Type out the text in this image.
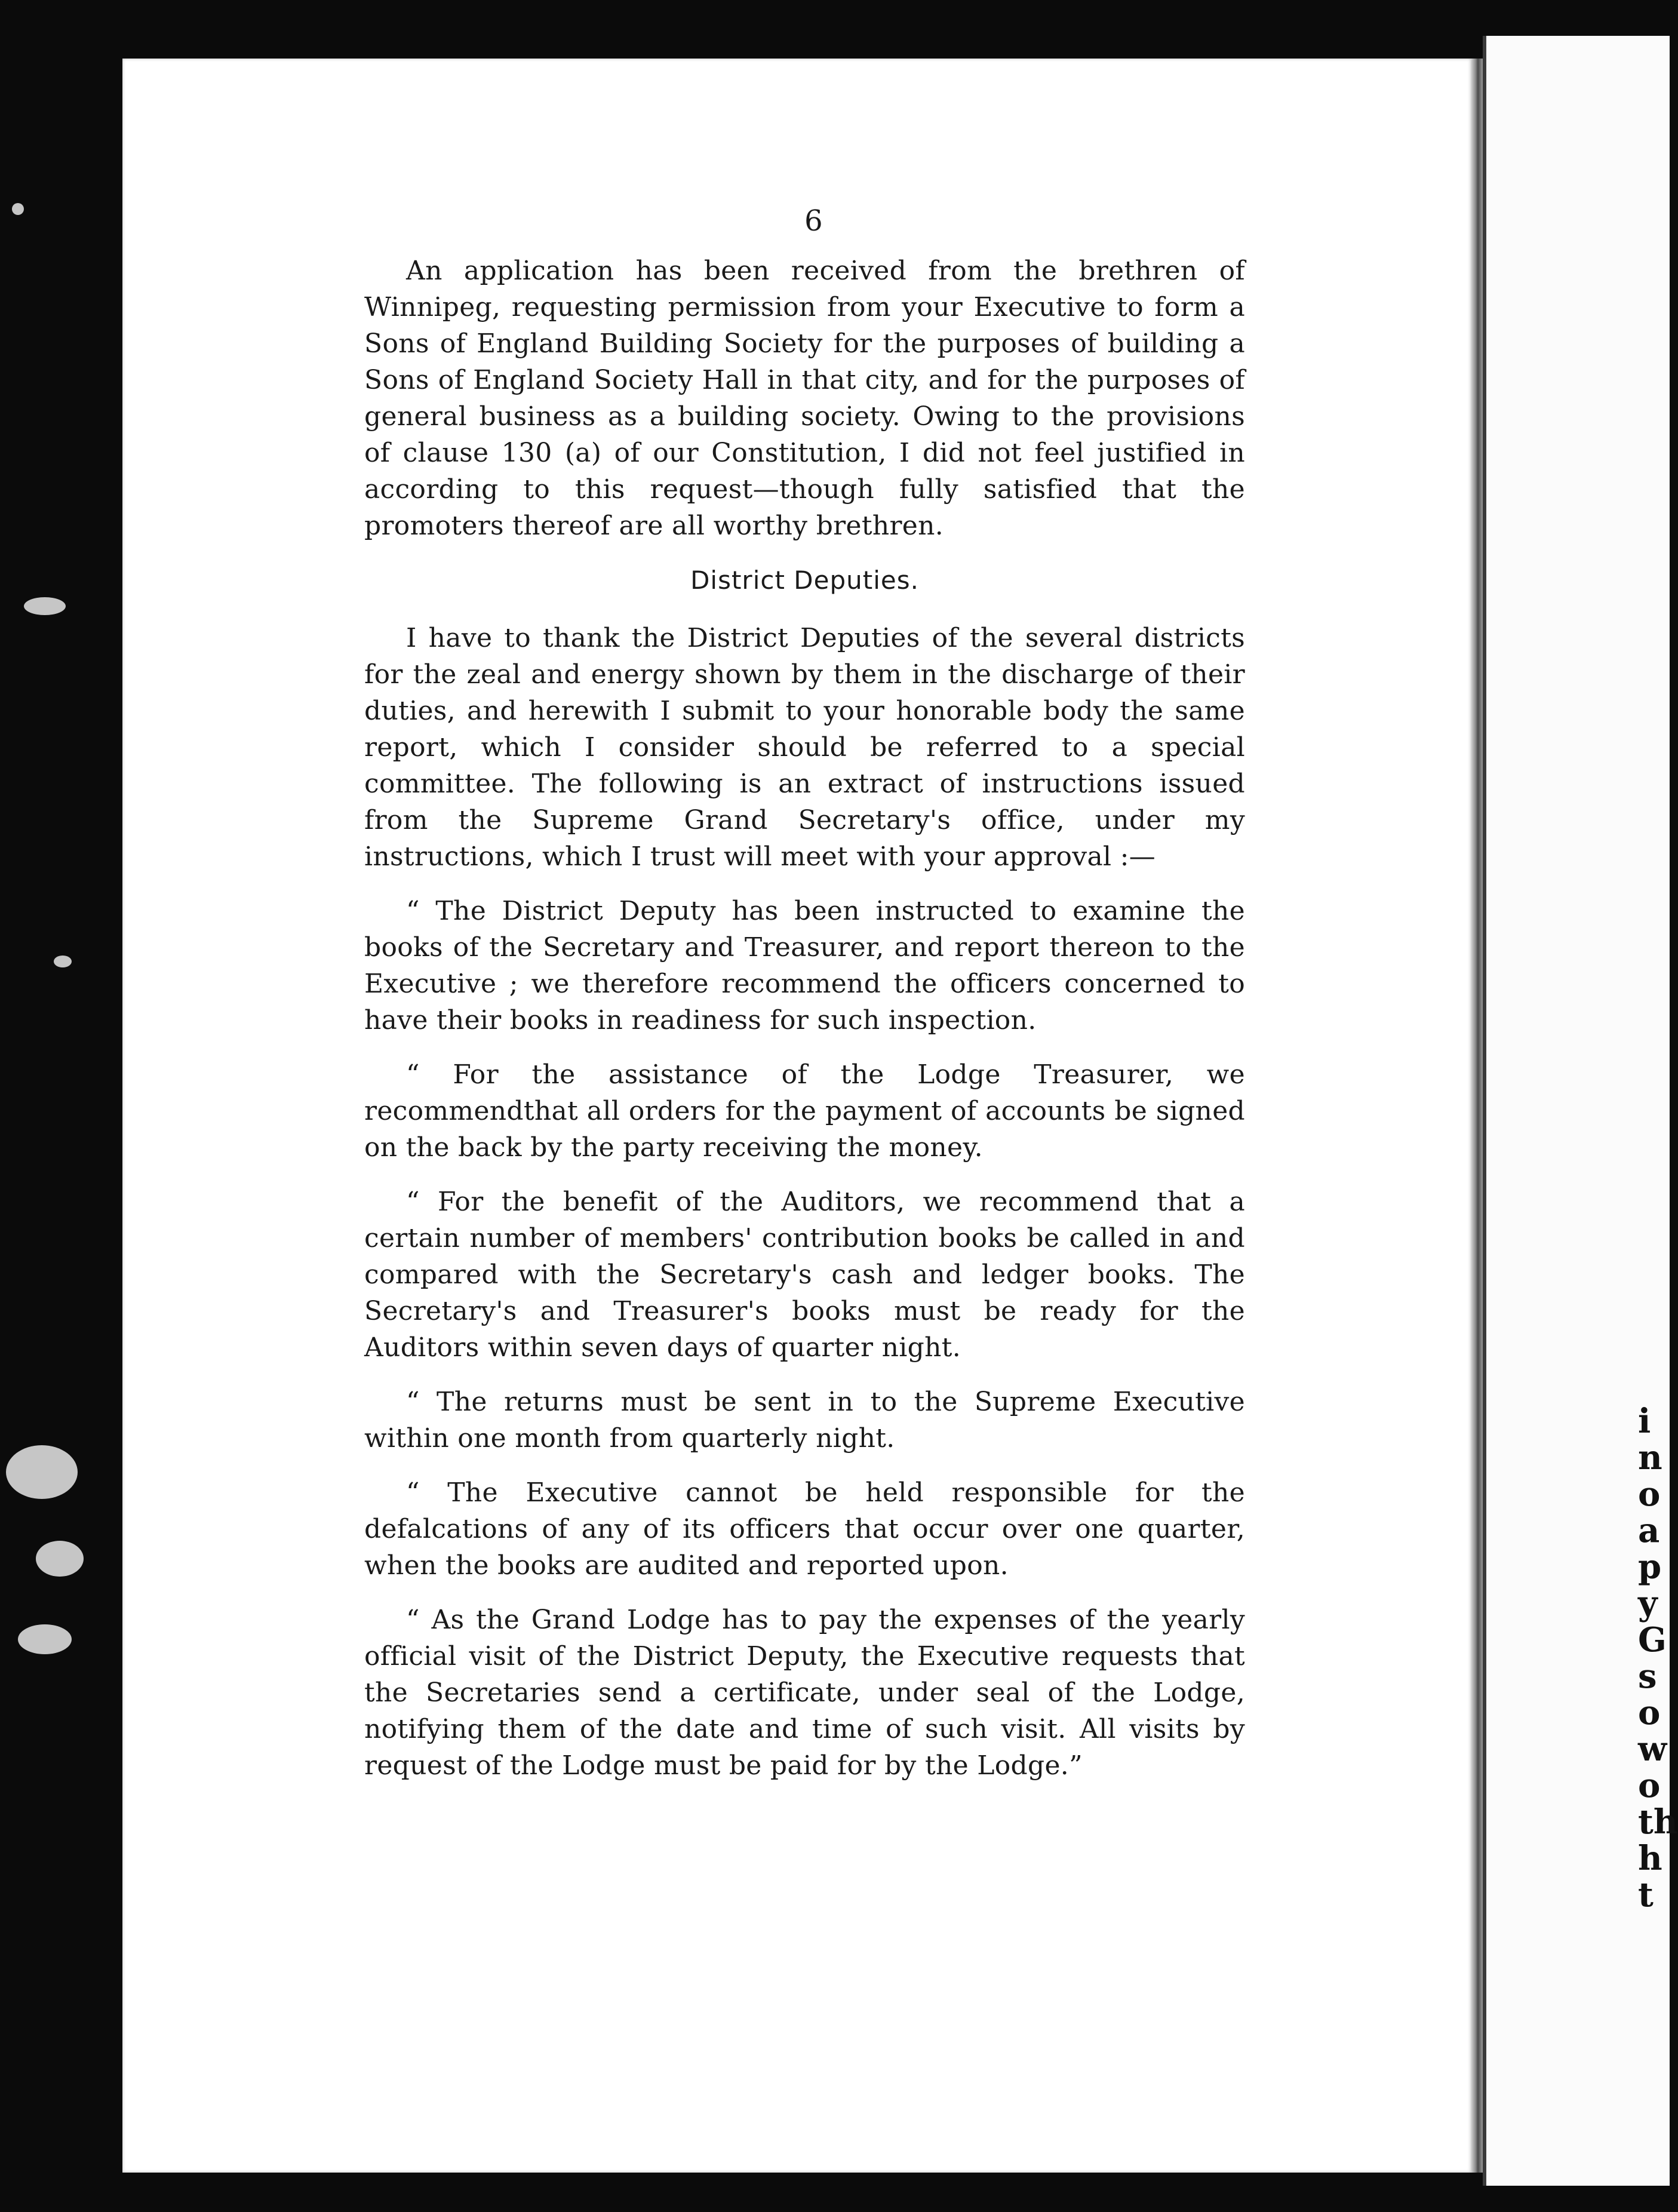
i
n
o
a
p
y
G
s
o
w
o
th
h
t
6

An application has been received from the brethren of Winnipeg, requesting permission from your Executive to form a Sons of England Building Society for the purposes of building a Sons of England Society Hall in that city, and for the purposes of general business as a building society. Owing to the provisions of clause 130 (a) of our Constitution, I did not feel justified in according to this request—though fully satisfied that the promoters thereof are all worthy brethren.

District Deputies.

I have to thank the District Deputies of the several districts for the zeal and energy shown by them in the discharge of their duties, and herewith I submit to your honorable body the same report, which I consider should be referred to a special committee. The following is an extract of instructions issued from the Supreme Grand Secretary's office, under my instructions, which I trust will meet with your approval :—

“ The District Deputy has been instructed to examine the books of the Secretary and Treasurer, and report thereon to the Executive ; we therefore recommend the officers concerned to have their books in readiness for such inspection.

“ For the assistance of the Lodge Treasurer, we recommendthat all orders for the payment of accounts be signed on the back by the party receiving the money.

“ For the benefit of the Auditors, we recommend that a certain number of members' contribution books be called in and compared with the Secretary's cash and ledger books. The Secretary's and Treasurer's books must be ready for the Auditors within seven days of quarter night.

“ The returns must be sent in to the Supreme Executive within one month from quarterly night.

“ The Executive cannot be held responsible for the defalcations of any of its officers that occur over one quarter, when the books are audited and reported upon.

“ As the Grand Lodge has to pay the expenses of the yearly official visit of the District Deputy, the Executive requests that the Secretaries send a certificate, under seal of the Lodge, notifying them of the date and time of such visit. All visits by request of the Lodge must be paid for by the Lodge.”
